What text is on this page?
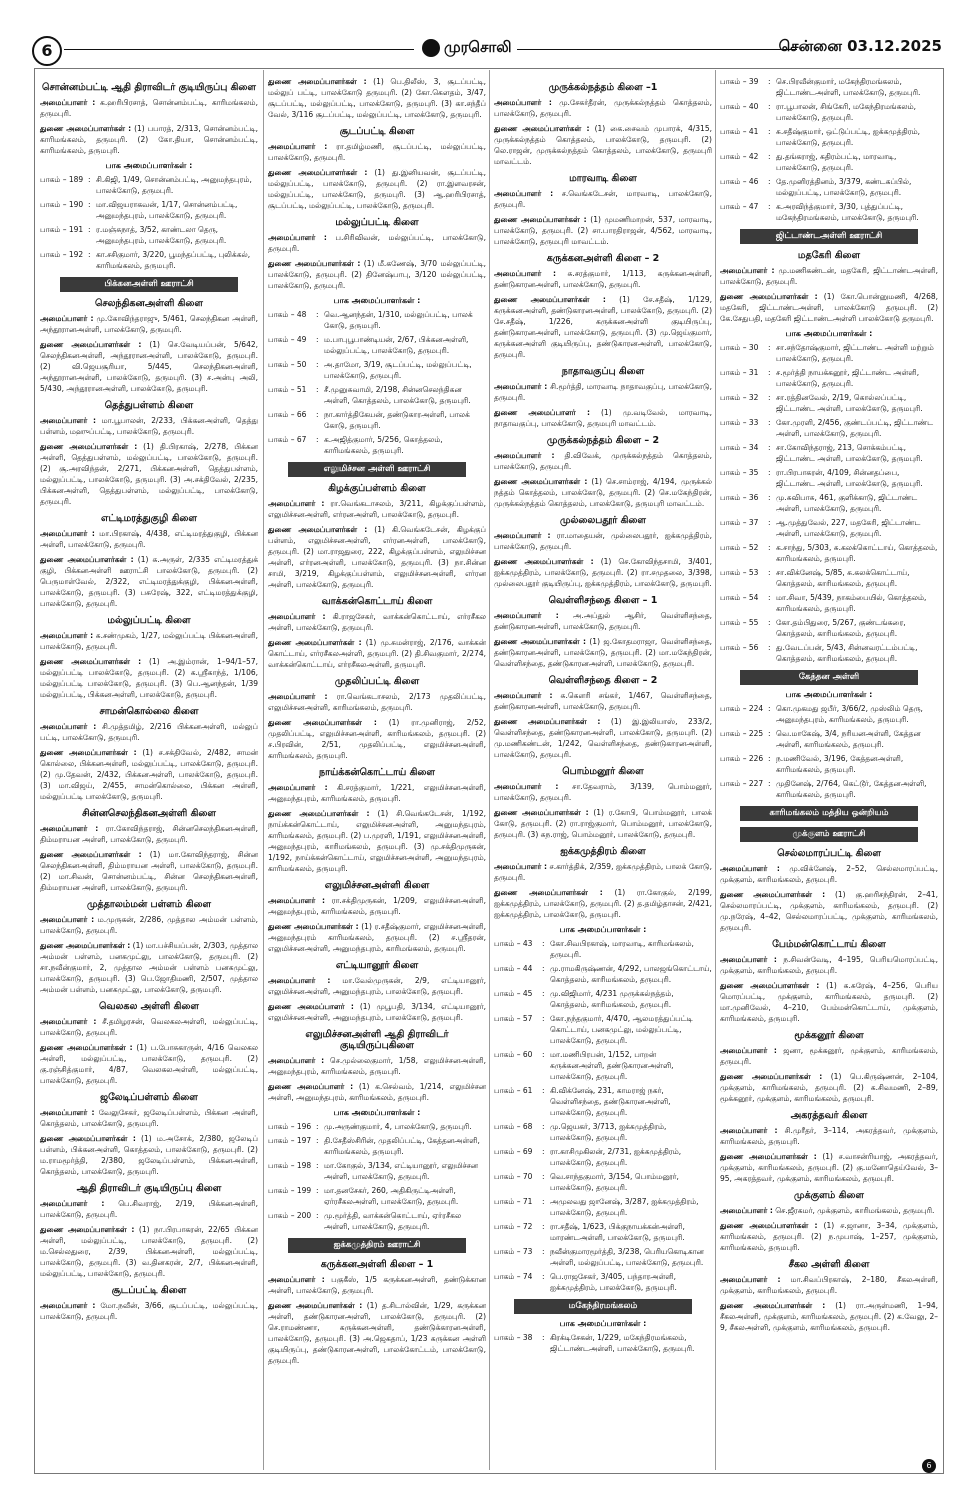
6	முரசொலி	சென்னை 03.12.2025
சொன்னம்பட்டி ஆதி திராவிடர் குடியிருப்பு கிளை
அமைப்பாளர் : க.ஹரிபிரசாத், சொன்னம்பட்டி, காரிமங்கலம், தருமபுரி.
துணை அமைப்பாளர்கள் : (1) பபாரத், 2/313, சொன்னம்பட்டி, காரிமங்கலம், தருமபுரி. (2) கோ.தியா, சொன்னம்பட்டி, காரிமங்கலம், தருமபுரி.
பாக அமைப்பாளர்கள் :
பாகம் – 189 : சி.கிஜி, 1/49, சொன்னம்பட்டி, அனுமந்தபுரம், பாலக்கோடு, தருமபுரி.
பாகம் – 190 : மா.விஜயராகவன், 1/17, சொன்னம்பட்டி, அனுமந்தபுரம், பாலக்கோடு, தருமபுரி.
பாகம் – 191 : ர.மஞ்சுநாத், 3/52, காண்டலா தெரு, அனுமந்தபுரம், பாலக்கோடு, தருமபுரி.
பாகம் – 192 : கா.சசிகுமார், 3/220, பூமந்தப்பட்டி, புலிக்கல், காரிமங்கலம், தருமபுரி.
பிக்கனஅள்ளி ஊராட்சி
செலந்திகனஅள்ளி கிளை
அமைப்பாளர் : மு.கோவிந்தராஜு, 5/461, செலந்திகன அள்ளி, அந்தூரானஅள்ளி, பாலக்கோடு, தருமபுரி.
துணை அமைப்பாளர்கள் : (1) செ.வேடியப்பன், 5/642, செலந்திகனஅள்ளி, அந்தூரானஅள்ளி, பாலக்கோடு, தருமபுரி. (2) வி.ஜெயசூரியா, 5/445, செலந்திகனஅள்ளி, அந்தூரானஅள்ளி, பாலக்கோடு, தருமபுரி. (3) ச.அன்பு அலி, 5/430, அந்தூரானஅள்ளி, பாலக்கோடு, தருமபுரி.
தெத்துபள்ளம் கிளை
அமைப்பாளர் : மா.பூபாலன், 2/233, பிக்கனஅள்ளி, தெத்து பள்ளம், மஹுப்பட்டி, பாலக்கோடு, தருமபுரி.
துணை அமைப்பாளர்கள் : (1) தி.பிரகாஷ், 2/278, பிக்கன அள்ளி, தெத்துபள்ளம், மல்லுப்பட்டி, பாலக்கோடு, தருமபுரி. (2) சூ.அரவிந்தன், 2/271, பிக்கனஅள்ளி, தெத்துபள்ளம், மல்லுப்பட்டி, பாலக்கோடு, தருமபுரி. (3) அ.சக்திவேல், 2/235, பிக்கனஅள்ளி, தெத்துபள்ளம், மல்லுப்பட்டி, பாலக்கோடு, தருமபுரி.
எட்டிமரத்துகுழி கிளை
அமைப்பாளர் : மா.பிரகாஷ், 4/438, எட்டிமரத்துகுழி, பிக்கன அள்ளி, பாலக்கோடு, தருமபுரி.
துணை அமைப்பாளர்கள் : (1) சு.அருள், 2/335 எட்டிமரத்துக் குழி, பிக்கனஅள்ளி ஊராட்சி பாலக்கோடு, தருமபுரி. (2) பெருமாள்வேல், 2/322, எட்டிமரத்துக்குழி, பிக்கனஅள்ளி, பாலக்கோடு, தருமபுரி. (3) பசுரேஷ், 322, எட்டிமரத்துக்குழி, பாலக்கோடு, தருமபுரி.
மல்லுப்பட்டி கிளை
அமைப்பாளர் : சு.சண்முகம், 1/27, மல்லுப்பட்டி பிக்கனஅள்ளி, பாலக்கோடு, தருமபுரி.
துணை அமைப்பாளர்கள் : (1) அ.இம்ரான், 1–94/1–57, மல்லுப்பட்டி பாலக்கோடு, தருமபுரி. (2) க.ஸ்ரீகாந்த், 1/106, மல்லுப்பட்டி பாலக்கோடு, தருமபுரி. (3) பெ.ஆனந்தன், 1/39 மல்லுப்பட்டி, பிக்கனஅள்ளி, பாலக்கோடு, தருமபுரி.
சாமன்கொல்லை கிளை
அமைப்பாளர் : சி.முத்தமிழ், 2/216 பிக்கனஅள்ளி, மல்லுப் பட்டி, பாலக்கோடு, தருமபுரி.
துணை அமைப்பாளர்கள் : (1) ச.சக்திவேல், 2/482, சாமன் கொல்லை, பிக்கனஅள்ளி, மல்லுப்பட்டி, பாலக்கோடு, தருமபுரி. (2) மு.தேவன், 2/432, பிக்கனஅள்ளி, பாலக்கோடு, தருமபுரி. (3) மா.விஜய், 2/455, சாமன்கொல்லை, பிக்கன அள்ளி, மல்லுப்பட்டி பாலக்கோடு, தருமபுரி.
சின்னசெலந்திகனஅள்ளி கிளை
அமைப்பாளர் : ரா.கோவிந்தராஜ், சின்னசெலந்திகனஅள்ளி, திம்மராயன அள்ளி, பாலக்கோடு, தருமபுரி.
துணை அமைப்பாளர்கள் : (1) மா.கோவிந்தராஜ், சின்ன செலந்திகனஅள்ளி, திம்மராயன அள்ளி, பாலக்கோடு, தருமபுரி. (2) மா.சிவன், சொன்னம்பட்டி, சின்ன செலந்திகனஅள்ளி, திம்மராயன அள்ளி, பாலக்கோடு, தருமபுரி.
முத்தாலம்மன் பள்ளம் கிளை
அமைப்பாளர் : ம.முருகன், 2/286, முத்தால அம்மன் பள்ளம், பாலக்கோடு, தருமபுரி.
துணை அமைப்பாளர்கள் : (1) மா.பச்சியப்பன், 2/303, முத்தால அம்மன் பள்ளம், பனகமுட்லு, பாலக்கோடு, தருமபுரி. (2) சா.நவீன்குமார், 2, முத்தால அம்மன் பள்ளம் பனகமுட்லு, பாலக்கோடு, தருமபுரி. (3) பெ.ஜோதிமணி, 2/507, முத்தால அம்மன் பள்ளம், பனகமுட்லு, பாலக்கோடு, தருமபுரி.
வெலகல அள்ளி கிளை
அமைப்பாளர் : சீ.தமிழரசன், வெலகலஅள்ளி, மல்லுப்பட்டி, பாலக்கோடு, தருமபுரி.
துணை அமைப்பாளர்கள் : (1) ப.போசுகாருன், 4/16 வெலகல அள்ளி, மல்லுப்பட்டி, பாலக்கோடு, தருமபுரி. (2) கு.ரஞ்சித்குமார், 4/87, வெலகலஅள்ளி, மல்லுப்பட்டி, பாலக்கோடு, தருமபுரி.
ஜலேடிப்பள்ளம் கிளை
அமைப்பாளர் : வேலுசேகர், ஜலேடிப்பள்ளம், பிக்கன அள்ளி, கொத்தலம், பாலக்கோடு, தருமபுரி.
துணை அமைப்பாளர்கள் : (1) ம.அசோக், 2/380, ஜலேடிப் பள்ளம், பிக்கனஅள்ளி, கொத்தலம், பாலக்கோடு, தருமபுரி. (2) ம.ராமமூர்த்தி, 2/380, ஜலேடிப்பள்ளம், பிக்கனஅள்ளி, கொத்தலம், பாலக்கோடு, தருமபுரி.
ஆதி திராவிடர் குடியிருப்பு கிளை
அமைப்பாளர் : பெ.சிவராஜ், 2/19, பிக்கனஅள்ளி, பாலக்கோடு, தருமபுரி.
துணை அமைப்பாளர்கள் : (1) நா.பிரபாகரன், 22/65 பிக்கன அள்ளி, மல்லுப்பட்டி, பாலக்கோடு, தருமபுரி. (2) ம.செல்லதுரை, 2/39, பிக்கனஅள்ளி, மல்லுப்பட்டி, பாலக்கோடு, தருமபுரி. (3) வ.தினகரன், 2/7, பிக்கனஅள்ளி, மல்லுப்பட்டி, பாலக்கோடு, தருமபுரி.
சூடப்பட்டி கிளை
அமைப்பாளர் : மோ.நவீன், 3/66, சூடப்பட்டி, மல்லுப்பட்டி, பாலக்கோடு, தருமபுரி.
துணை அமைப்பாளர்கள் : (1) பெ.திலீஸ், 3, சூடப்பட்டி, மல்லுப் பட்டி, பாலக்கோடு தருமபுரி. (2) கோ.கௌதம், 3/47, சூடப்பட்டி, மல்லுப்பட்டி, பாலக்கோடு, தருமபுரி. (3) கா.சந்தீப் வேல், 3/116 சூடப்பட்டி, மல்லுப்பட்டி, பாலக்கோடு, தருமபுரி.
சூடப்பட்டி கிளை
அமைப்பாளர் : ரா.தமிழ்மணி, சூடப்பட்டி, மல்லுப்பட்டி, பாலக்கோடு, தருமபுரி.
துணை அமைப்பாளர்கள் : (1) து.இனியவன், சூடப்பட்டி, மல்லுப்பட்டி, பாலக்கோடு, தருமபுரி. (2) ரா.இளவரசன், மல்லுப்பட்டி, பாலக்கோடு, தருமபுரி. (3) ஆ.ஹரிபிரசாத், சூடப்பட்டி, மல்லுப்பட்டி, பாலக்கோடு, தருமபுரி.
மல்லுப்பட்டி கிளை
அமைப்பாளர் : ப.சிரிவிவன், மல்லுப்பட்டி, பாலக்கோடு, தருமபுரி.
துணை அமைப்பாளர்கள் : (1) மீ.கணேஷ், 3/70 மல்லுப்பட்டி, பாலக்கோடு, தருமபுரி. (2) தினேஷ்பாபு, 3/120 மல்லுப்பட்டி, பாலக்கோடு, தருமபுரி.
பாக அமைப்பாளர்கள் :
பாகம் – 48	: வெ.ஆனந்தன், 1/310, மல்லுப்பட்டி, பாலக் கோடு, தருமபுரி.
பாகம் – 49	: ம.பாபுபூபாண்டியன், 2/67, பிக்கனஅள்ளி, மல்லுப்பட்டி, பாலக்கோடு, தருமபுரி.
பாகம் – 50	: அ.தாமோ, 3/19, சூடப்பட்டி, மல்லுப்பட்டி, பாலக்கோடு, தருமபுரி.
பாகம் – 51	: சீ.முனுசுவாமி, 2/198, சின்னசெலந்திகன அள்ளி, கொத்தலம், பாலக்கோடு, தருமபுரி.
பாகம் – 66	: நா.கார்த்திகேயன், தண்டுகாரஅள்ளி, பாலக் கோடு, தருமபுரி.
பாகம் – 67	: க.அஜித்குமார், 5/256, கொத்தலம், காரிமங்கலம், தருமபுரி.
எலுமிச்சன அள்ளி ஊராட்சி
கிழக்குப்பள்ளம் கிளை
அமைப்பாளர் : ரா.வெங்கடாசலம், 3/211, கிழக்குப்பள்ளம், எலுமிச்சனஅள்ளி, எர்ரனஅள்ளி, பாலக்கோடு, தருமபுரி.
துணை அமைப்பாளர்கள் : (1) கி.வெங்கடேசன், கிழக்குப் பள்ளம், எலுமிச்சனஅள்ளி, எர்ரனஅள்ளி, பாலக்கோடு, தருமபுரி. (2) மா.ராஜதுரை, 222, கிழக்குப்பள்ளம், எலுமிச்சன அள்ளி, எர்ரனஅள்ளி, பாலக்கோடு, தருமபுரி. (3) நா.சின்ன சாமி, 3/219, கிழக்குப்பள்ளம், எலுமிச்சனஅள்ளி, எர்ரன அள்ளி, பாலக்கோடு, தருமபுரி.
வாக்கன்கொட்டாய் கிளை
அமைப்பாளர் : கி.ராஜசேகர், வாக்கன்கொட்டாய், எர்ரசீகல அள்ளி, பாலக்கோடு, தருமபுரி.
துணை அமைப்பாளர்கள் : (1) மு.சுமன்ராஜ், 2/176, வாக்கன் கொட்டாய், எர்ரசீகலஅள்ளி, தருமபுரி. (2) தி.சிவகுமார், 2/274, வாக்கன்கொட்டாய், எர்ரசீகலஅள்ளி, தருமபுரி.
முதலிப்பட்டி கிளை
அமைப்பாளர் : ரா.வெங்கடாசலம், 2/173 முதலிப்பட்டி, எலுமிச்சனஅள்ளி, காரிமங்கலம், தருமபுரி.
துணை அமைப்பாளர்கள் : (1) ரா.முனிராஜ், 2/52, முதலிப்பட்டி, எலுமிச்சனஅள்ளி, காரிமங்கலம், தருமபுரி. (2) ச.பிரவின், 2/51, முதலிப்பட்டி, எலுமிச்சனஅள்ளி, காரிமங்கலம், தருமபுரி.
நாய்க்கன்கொட்டாய் கிளை
அமைப்பாளர் : கி.சரத்குமார், 1/221, எலுமிச்சனஅள்ளி, அனுமந்தபுரம், காரிமங்கலம், தருமபுரி.
துணை அமைப்பாளர்கள் : (1) சி.வெங்கடேசன், 1/192, நாய்க்கன்கொட்டாய், எலுமிச்சனஅள்ளி, அனுமந்தபுரம், காரிமங்கலம், தருமபுரி. (2) ப.முரளி, 1/191, எலுமிச்சனஅள்ளி, அனுமந்தபுரம், காரிமங்கலம், தருமபுரி. (3) மு.சக்திமுருகன், 1/192, நாய்க்கன்கொட்டாய், எலுமிச்சனஅள்ளி, அனுமந்தபுரம், காரிமங்கலம், தருமபுரி.
எலுமிச்சனஅள்ளி கிளை
அமைப்பாளர் : ரா.சக்திமுருகன், 1/209, எலுமிச்சனஅள்ளி, அனுமந்தபுரம், காரிமங்கலம், தருமபுரி.
துணை அமைப்பாளர்கள் : (1) ர.சதீஷ்குமார், எலுமிச்சனஅள்ளி, அனுமந்தபுரம் காரிமங்கலம், தருமபுரி. (2) ச.ஸ்ரீதரன், எலுமிச்சனஅள்ளி, அனுமந்தபுரம், காரிமங்கலம், தருமபுரி.
எட்டியானூர் கிளை
அமைப்பாளர் : மா.வேல்முருகன், 2/9, எட்டியானூர், எலுமிச்சனஅள்ளி, அனுமந்தபுரம், பாலக்கோடு, தருமபுரி.
துணை அமைப்பாளர் : (1) முபூபதி, 3/134, எட்டியானூர், எலுமிச்சனஅள்ளி, அனுமந்தபுரம், பாலக்கோடு, தருமபுரி.
எலுமிச்சனஅள்ளி ஆதி திராவிடர் குடியிருப்புகிளை
அமைப்பாளர் : செ.முல்லைகுமார், 1/58, எலுமிச்சனஅள்ளி, அனுமந்தபுரம், காரிமங்கலம், தருமபுரி.
துணை அமைப்பாளர் : (1) க.செல்வம், 1/214, எலுமிச்சன அள்ளி, அனுமந்தபுரம், காரிமங்கலம், தருமபுரி.
பாக அமைப்பாளர்கள் :
பாகம் – 196 : மு.அருண்குமார், 4, பாலக்கோடு, தருமபுரி.
பாகம் – 197 : தி.சேதீஸ்சிரின், முதலிப்பட்டி, கேத்தனஅள்ளி, காரிமங்கலம், தருமபுரி.
பாகம் – 198 : மா.கோகுல், 3/134, எட்டியானூர், எலுமிச்சன அள்ளி, பாலக்கோடு, தருமபுரி.
பாகம் – 199 : மா.தனசேகர், 260, அதிகிருட்டிஅள்ளி, ஏர்ரசீகலஅள்ளி, பாலக்கோடு, தருமபுரி.
பாகம் – 200 : மு.மூர்த்தி, வாக்கன்கொட்டாய், ஏர்ரசீகல அள்ளி, பாலக்கோடு, தருமபுரி.
ஐக்கமுத்திரம் ஊராட்சி
கருக்கனஅள்ளி கிளை – 1
அமைப்பாளர் : பகுகீஸ், 1/5 கருக்கனஅள்ளி, தண்டுக்கான அள்ளி, பாலக்கோடு, தருமபுரி.
துணை அமைப்பாளர்கள் : (1) த.சிடால்வின், 1/29, கருக்கன அள்ளி, தண்டுகாரனஅள்ளி, பாலக்கோடு, தருமபுரி. (2) செ.ராமண்ணா, கருக்கனஅள்ளி, தண்டுக்காரனஅள்ளி, பாலக்கோடு, தருமபுரி. (3) அ.ஜெகதாப், 1/23 கருக்கன அள்ளி குடியிருப்பு, தண்டுகாரனஅள்ளி, பாலக்கோட்டம், பாலக்கோடு, தருமபுரி.
முருக்கல்நத்தம் கிளை –1
அமைப்பாளர் : மு.சேகர்தீரன், முருக்கல்நத்தம் கொத்தலம், பாலக்கோடு, தருமபுரி.
துணை அமைப்பாளர்கள் : (1) கை.சைவம் முபாரக், 4/315, முருக்கல்நத்தம் கொத்தலம், பாலக்கோடு, தருமபுரி. (2) லெ.ராஜன், முருக்கல்நத்தம் கொத்தலம், பாலக்கோடு, தருமபுரி மாவட்டம்.
மாரவாடி கிளை
அமைப்பாளர் : ச.வெங்கடேசன், மாரவாடி, பாலக்கோடு, தருமபுரி.
துணை அமைப்பாளர்கள் : (1) முமணிமாறன், 537, மாரவாடி, பாலக்கோடு, தருமபுரி. (2) சா.பாரதிராஜன், 4/562, மாரவாடி, பாலக்கோடு, தருமபுரி மாவட்டம்.
கருக்கனஅள்ளி கிளை – 2
அமைப்பாளர் : சு.சரத்குமார், 1/113, கருக்கனஅள்ளி, தண்டுகாரனஅள்ளி, பாலக்கோடு, தருமபுரி.
துணை அமைப்பாளர்கள் : (1) சே.சதீஷ், 1/129, கருக்கனஅள்ளி, தண்டுகாரனஅள்ளி, பாலக்கோடு, தருமபுரி. (2) சே.சதீஷ், 1/226, கருக்கனஅள்ளி குடியிருப்பு, தண்டுகாரனஅள்ளி, பாலக்கோடு, தருமபுரி. (3) மு.ஜெய்குமார், கருக்கனஅள்ளி குடியிருப்பு, தண்டுகாரனஅள்ளி, பாலக்கோடு, தருமபுரி.
நாதாவகுப்பு கிளை
அமைப்பாளர் : சி.மூர்த்தி, மாரவாடி நாதாவகுப்பு, பாலக்கோடு, தருமபுரி.
துணை அமைப்பாளர் : (1) மு.வடிவேல், மாரவாடி, நாதாவகுப்பு, பாலக்கோடு, தருமபுரி மாவட்டம்.
முருக்கல்நத்தம் கிளை – 2
அமைப்பாளர் : தி.விவேக், முருக்கல்நத்தம் கொத்தலம், பாலக்கோடு, தருமபுரி.
துணை அமைப்பாளர்கள் : (1) செ.சாம்ராஜ், 4/194, முருக்கல் நத்தம் கொத்தலம், பாலக்கோடு, தருமபுரி. (2) செ.மகேந்திரன், முருக்கல்நத்தம் கொத்தலம், பாலக்கோடு, தருமபுரி மாவட்டம்.
முல்லைபதூர் கிளை
அமைப்பாளர் : ரா.மாதையன், முல்லைபதூர், ஐக்கமுத்திரம், பாலக்கோடு, தருமபுரி.
துணை அமைப்பாளர்கள் : (1) செ.கோவிந்தசாமி, 3/401, ஐக்கமுத்திரம், பாலக்கோடு, தருமபுரி. (2) ரா.சமுதலை, 3/398, முல்லைபதூர் குடியிருப்பு, ஐக்கமுத்திரம், பாலக்கோடு, தருமபுரி.
வெள்ளிசந்தை கிளை – 1
அமைப்பாளர் : அ.அப்துல் ஆசிர், வெள்ளிசந்தை, தண்டுகாரனஅள்ளி, பாலக்கோடு, தருமபுரி.
துணை அமைப்பாளர்கள் : (1) ஜ.கோதமராஜா, வெள்ளிசந்தை, தண்டுகாரனஅள்ளி, பாலக்கோடு, தருமபுரி. (2) மா.மகேந்திரன், வெள்ளிசந்தை, தண்டுகாரனஅள்ளி, பாலக்கோடு, தருமபுரி.
வெள்ளிசந்தை கிளை – 2
அமைப்பாளர் : சு.கௌரி சங்கர், 1/467, வெள்ளிசந்தை, தண்டுகாரனஅள்ளி, பாலக்கோடு, தருமபுரி.
துணை அமைப்பாளர்கள் : (1) இ.இலியாஸ், 233/2, வெள்ளிசந்தை, தண்டுகாரனஅள்ளி, பாலக்கோடு, தருமபுரி. (2) மு.மணிகண்டன், 1/242, வெள்ளிசந்தை, தண்டுகாரனஅள்ளி, பாலக்கோடு, தருமபுரி.
பொம்மனூர் கிளை
அமைப்பாளர் : சா.தேவராம், 3/139, பொம்மனூர், பாலக்கோடு, தருமபுரி.
துணை அமைப்பாளர்கள் : (1) ர.கோபி, பொம்மனூர், பாலக் கோடு, தருமபுரி. (2) ரா.ராஜ்குமார், பொம்மனூர், பாலக்கோடு, தருமபுரி. (3) சுந.ராஜ், பொம்மனூர், பாலக்கோடு, தருமபுரி.
ஐக்கமுத்திரம் கிளை
அமைப்பாளர் : ச.கார்த்திக், 2/359, ஐக்கமுத்திரம், பாலக் கோடு, தருமபுரி.
துணை அமைப்பாளர்கள் : (1) ரா.கோகுல், 2/199, ஐக்கமுத்திரம், பாலக்கோடு, தருமபுரி. (2) த.தமிழ்தாசன், 2/421, ஐக்கமுத்திரம், பாலக்கோடு, தருமபுரி.
பாக அமைப்பாளர்கள் :
பாகம் – 43	: கோ.சிவபிரகாஷ், மாரவாடி, காரிமங்கலம், தருமபுரி.
பாகம் – 44	: மு.ராமகிருஷ்ணன், 4/292, பாலஜங்கொட்டாய், கொத்தலம், காரிமங்கலம், தருமபுரி.
பாகம் – 45	: மு.விஜிமார், 4/231 முருக்கல்நத்தம், கொத்தலம், காரிமங்கலம், தருமபுரி.
பாகம் – 57	: கோ.நந்தகுமார், 4/470, ஆலமரத்துப்பட்டி கொட்டாய், பனகமுட்லு, மல்லுப்பட்டி, பாலக்கோடு, தருமபுரி.
பாகம் – 60	: மா.மணிபிரபன், 1/152, பாறன் கருக்கனஅள்ளி, தண்டுகாரனஅள்ளி, பாலக்கோடு, தருமபுரி.
பாகம் – 61	: கி.விக்னேஷ், 231, காமராஜ் நகர், வெள்ளிசந்தை, தண்டுகாரனஅள்ளி, பாலக்கோடு, தருமபுரி.
பாகம் – 68	: மு.ஜெயகர், 3/713, ஐக்கமுத்திரம், பாலக்கோடு, தருமபுரி.
பாகம் – 69	: ரா.காசிமுகிலன், 2/731, ஐக்கமுத்திரம், பாலக்கோடு, தருமபுரி.
பாகம் – 70	: வெ.சாந்தகுமார், 3/154, பொம்மனூர், பாலக்கோடு, தருமபுரி.
பாகம் – 71	: அமுலவது ஜானேஷ், 3/287, ஐக்கமுத்திரம், பாலக்கோடு, தருமபுரி.
பாகம் – 72	: ரா.சதீஷ், 1/623, பிக்குநாயக்கன்அள்ளி, மாரண்டஅள்ளி, பாலக்கோடு, தருமபுரி.
பாகம் – 73	: நவீன்குமாரமூர்த்தி, 3/238, பெரியகொடிகான அள்ளி, மல்லுப்பட்டி, பாலக்கோடு, தருமபுரி.
பாகம் – 74	: பெ.ராஜசேகர், 3/405, பந்தாரஅள்ளி, ஐக்கமுத்திரம், பாலக்கோடு, தருமபுரி.
மகேந்திரமங்கலம்
பாக அமைப்பாளர்கள் :
பாகம் – 38	: கிரக்டிசேகன், 1/229, மகேந்திரமங்கலம், ஜிட்டாண்டஅள்ளி, பாலக்கோடு, தருமபுரி.
பாகம் – 39	: செ.பிரவீன்குமார், மகேந்திரமங்கலம், ஜிட்டாண்டஅள்ளி, பாலக்கோடு, தருமபுரி.
பாகம் – 40	: ரா.பூபாலன், சிங்கேரி, மகேந்திரமங்கலம், பாலக்கோடு, தருமபுரி.
பாகம் – 41	: சு.சதீஷ்குமார், ஒட்டுப்பட்டி, ஐக்கமுத்திரம், பாலக்கோடு, தருமபுரி.
பாகம் – 42	: து.தங்கராஜ், கதிரம்பட்டி, மாரவாடி, பாலக்கோடு, தருமபுரி.
பாகம் – 46	: தே.முனிரத்தினம், 3/379, கண்டகப்பில், மல்லுப்பட்டி, பாலக்கோடு, தருமபுரி.
பாகம் – 47	: க.அரவிந்த்குமார், 3/30, புத்துப்பட்டி, மகேந்திரமங்கலம், பாலக்கோடு, தருமபுரி.
ஜிட்டாண்டஅள்ளி ஊராட்சி
மதகேரி கிளை
அமைப்பாளர் : மு.மணிகண்டன், மதகேரி, ஜிட்டாண்டஅள்ளி, பாலக்கோடு, தருமபுரி.
துணை அமைப்பாளர்கள் : (1) கோ.பொன்னுமணி, 4/268, மதகேரி, ஜிட்டாண்டஅள்ளி, பாலக்கோடு தருமபுரி. (2) கே.சேதுபதி, மதகேரி ஜிட்டாண்டஅள்ளி பாலக்கோடு தருமபுரி.
பாக அமைப்பாளர்கள் :
பாகம் – 30	: சா.சந்தோஷ்குமார், ஜிட்டாண்ட அள்ளி மற்றும் பாலக்கோடு, தருமபுரி.
பாகம் – 31	: ச.மூர்த்தி நாயக்கனூர், ஜிட்டாண்ட அள்ளி, பாலக்கோடு, தருமபுரி.
பாகம் – 32	: சா.ரத்தினவேல், 2/19, கொல்லப்பட்டி, ஜிட்டாண்ட அள்ளி, பாலக்கோடு, தருமபுரி.
பாகம் – 33	: கோ.முரளி, 2/456, குண்டப்பட்டி, ஜிட்டாண்ட அள்ளி, பாலக்கோடு, தருமபுரி.
பாகம் – 34	: சா.கோவிந்தராஜ், 213, சொக்கம்பட்டி, ஜிட்டாண்ட அள்ளி, பாலக்கோடு, தருமபுரி.
பாகம் – 35	: ரா.பிரபாகரன், 4/109, சின்னதப்பை, ஜிட்டாண்ட அள்ளி, பாலக்கோடு, தருமபுரி.
பாகம் – 36	: மு.சுவிபாசு, 461, குளிக்காடு, ஜிட்டாண்ட அள்ளி, பாலக்கோடு, தருமபுரி.
பாகம் – 37	: ஆ.முத்துவேல், 227, மதகேரி, ஜிட்டாண்ட அள்ளி, பாலக்கோடு, தருமபுரி.
பாகம் – 52	: க.சாந்து, 5/303, சு.கலக்கொட்டாய், கொத்தலம், காரிமங்கலம், தருமபுரி.
பாகம் – 53	: சா.விக்னேஷ், 5/85, சு.கலக்கொட்டாய், கொத்தலம், காரிமங்கலம், தருமபுரி.
பாகம் – 54	: மா.சிவா, 5/439, நாகம்பையில், கொத்தலம், காரிமங்கலம், தருமபுரி.
பாகம் – 55	: கோ.தம்பிதுரை, 5/267, குண்டங்கரை, கொத்தலம், காரிமங்கலம், தருமபுரி.
பாகம் – 56	: து.வேடப்பன், 5/43, சின்னவரட்டம்பட்டி, கொத்தலம், காரிமங்கலம், தருமபுரி.
கேத்தன அள்ளி
பாக அமைப்பாளர்கள் :
பாகம் – 224 : கொ.முகமது ஜபீர், 3/66/2, முஸ்லிம் தெரு, அனுமந்தபுரம், காரிமங்கலம், தருமபுரி.
பாகம் – 225 : வெ.மாகேஷ், 3/4, நரியனஅள்ளி, கேத்தன அள்ளி, காரிமங்கலம், தருமபுரி.
பாகம் – 226 : ந.மணிவேல், 3/196, கேத்தனஅள்ளி, காரிமங்கலம், தருமபுரி.
பாகம் – 227 : முதினேஷ், 2/764, கெட்டூர், கேத்தனஅள்ளி, காரிமங்கலம், தருமபுரி.
காரிமங்கலம் மத்திய ஒன்றியம்
முக்குளம் ஊராட்சி
செல்லமாரப்பட்டி கிளை
அமைப்பாளர் : மு.விக்னேஷ், 2–52, செல்லமாரப்பட்டி, முக்குளம், காரிமங்கலம், தருமபுரி.
துணை அமைப்பாளர்கள் : (1) கு.ஹரிசந்திரன், 2–41, செல்லமாரப்பட்டி, முக்குளம், காரிமங்கலம், தருமபுரி. (2) மு.நரேஷ், 4–42, செல்லமாரப்பட்டி, முக்குளம், காரிமங்கலம், தருமபுரி.
பேம்மன்கொட்டாய் கிளை
அமைப்பாளர் : ந.சிவன்வேடி, 4–195, பெரியமொரப்பட்டி, முக்குளம், காரிமங்கலம், தருமபுரி.
துணை அமைப்பாளர்கள் : (1) க.சுரேஷ், 4–256, பெரிய மொரப்பட்டி, முக்குளம், காரிமங்கலம், தருமபுரி. (2) மா.முனிவேல், 4–210, பேம்மன்கொட்டாய், முக்குளம், காரிமங்கலம், தருமபுரி.
மூக்கனூர் கிளை
அமைப்பாளர் : ஜனா, மூக்கனூர், முக்குளம், காரிமங்கலம், தருமபுரி.
துணை அமைப்பாளர்கள் : (1) பெ.கிருஷ்ணன், 2–104, முக்குளம், காரிமங்கலம், தருமபுரி. (2) க.சிவமணி, 2–89, மூக்கனூர், முக்குளம், காரிமங்கலம், தருமபுரி.
அகரத்தவர் கிளை
அமைப்பாளர் : சி.முரீதர், 3–114, அகரத்தவர், முக்குளம், காரிமங்கலம், தருமபுரி.
துணை அமைப்பாளர்கள் : (1) ச.வாசன்ரியாஜ், அகரத்தவர், முக்குளம், காரிமங்கலம், தருமபுரி. (2) கு.மனோதெய்வேல், 3–95, அகரத்தவர், முக்குளம், காரிமங்கலம், தருமபுரி.
முக்குளம் கிளை
அமைப்பாளர் : செ.ஜீரகமர், முக்குளம், காரிமங்கலம், தருமபுரி.
துணை அமைப்பாளர்கள் : (1) ச.ஜானா, 3–34, முக்குளம், காரிமங்கலம், தருமபுரி. (2) ந.முபாஷ், 1–257, முக்குளம், காரிமங்கலம், தருமபுரி.
சீகல அள்ளி கிளை
அமைப்பாளர் : மா.சிவப்பிரகாஷ், 2–180, சீகலஅள்ளி, முக்குளம், காரிமங்கலம், தருமபுரி.
துணை அமைப்பாளர்கள் : (1) ரா.அருள்மணி, 1–94, சீகலஅள்ளி, முக்குளம், காரிமங்கலம், தருமபுரி. (2) க.வேலு, 2–9, சீகலஅள்ளி, முக்குளம், காரிமங்கலம், தருமபுரி.
6
